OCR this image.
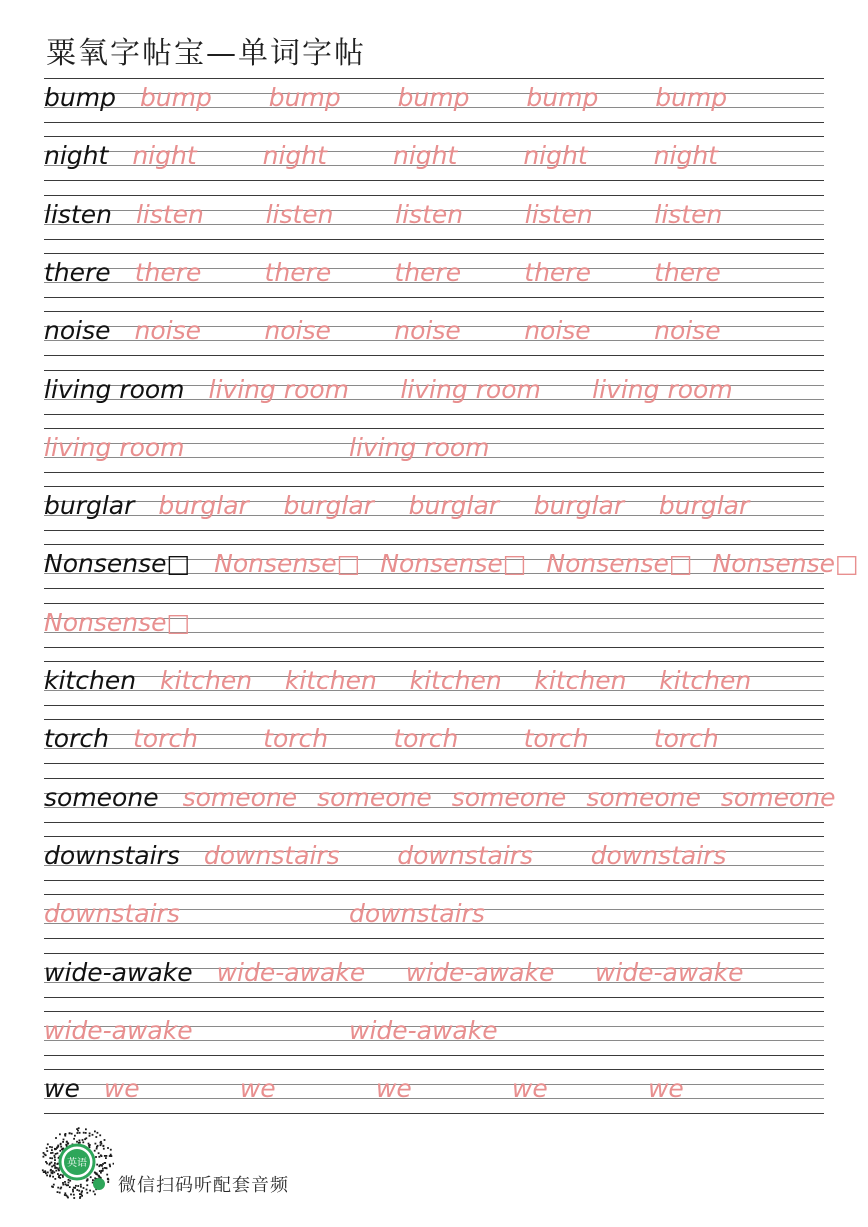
粟氧字帖宝—单词字帖
bump bump bump bump bump bump
night night	night	night	night	night
listen listen listen listen listen listen
there there	there	there	there	there
noise noise	noise	noise	noise	noise
living room living room living room living room
living room	living room
burglar burglar burglar burglar burglar burglar
Nonsense□ Nonsense□ Nonsense□ Nonsense□ Nonsense□
Nonsense□
kitchen kitchen kitchen kitchen kitchen kitchen
torch torch	torch	torch	torch	torch
someone someone someone someone someone someone
downstairs downstairs downstairs downstairs
downstairs	downstairs
wide-awake wide-awake wide-awake wide-awake
wide-awake	wide-awake
we we	we	we	we	we
英语
微信扫码听配套音频
